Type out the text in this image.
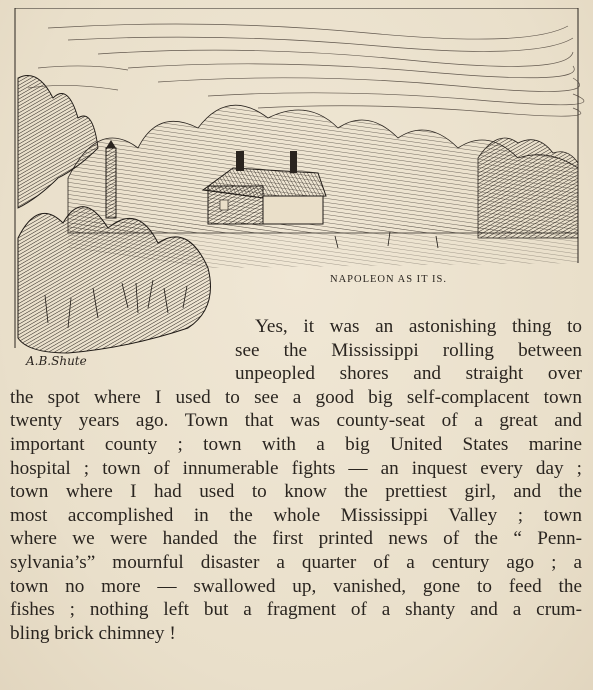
A.B.Shute
NAPOLEON AS IT IS.
Yes, it was an astonishing thing to
see the Mississippi rolling between
unpeopled shores and straight over
the spot where I used to see a good big self-complacent town
twenty years ago. Town that was county-seat of a great and
important county ; town with a big United States marine
hospital ; town of innumerable fights — an inquest every day ;
town where I had used to know the prettiest girl, and the
most accomplished in the whole Mississippi Valley ; town
where we were handed the first printed news of the “ Penn-
sylvania’s” mournful disaster a quarter of a century ago ; a
town no more — swallowed up, vanished, gone to feed the
fishes ; nothing left but a fragment of a shanty and a crum-
bling brick chimney !
